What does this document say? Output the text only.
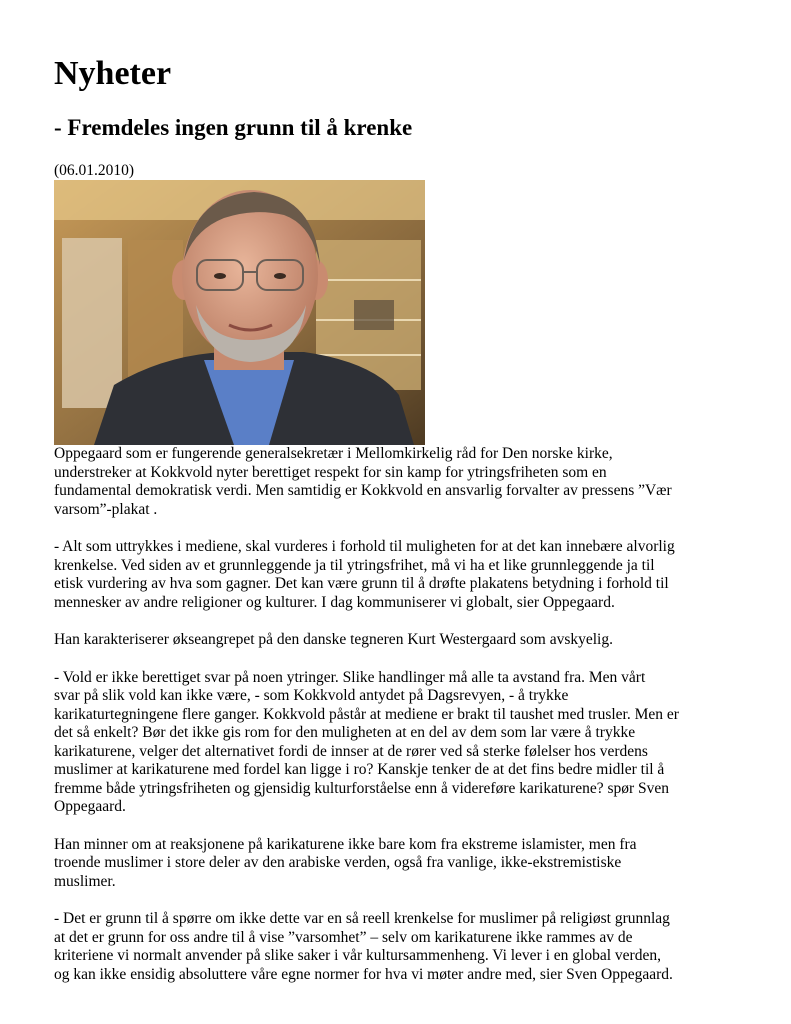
Nyheter
- Fremdeles ingen grunn til å krenke
(06.01.2010)

Oppegaard som er fungerende generalsekretær i Mellomkirkelig råd for Den norske kirke,
understreker at Kokkvold nyter berettiget respekt for sin kamp for ytringsfriheten som en
fundamental demokratisk verdi. Men samtidig er Kokkvold en ansvarlig forvalter av pressens ”Vær
varsom”-plakat .

- Alt som uttrykkes i mediene, skal vurderes i forhold til muligheten for at det kan innebære alvorlig
krenkelse. Ved siden av et grunnleggende ja til ytringsfrihet, må vi ha et like grunnleggende ja til
etisk vurdering av hva som gagner. Det kan være grunn til å drøfte plakatens betydning i forhold til
mennesker av andre religioner og kulturer. I dag kommuniserer vi globalt, sier Oppegaard.

Han karakteriserer økseangrepet på den danske tegneren Kurt Westergaard som avskyelig.

- Vold er ikke berettiget svar på noen ytringer. Slike handlinger må alle ta avstand fra. Men vårt
svar på slik vold kan ikke være, - som Kokkvold antydet på Dagsrevyen, - å trykke
karikaturtegningene flere ganger. Kokkvold påstår at mediene er brakt til taushet med trusler. Men er
det så enkelt? Bør det ikke gis rom for den muligheten at en del av dem som lar være å trykke
karikaturene, velger det alternativet fordi de innser at de rører ved så sterke følelser hos verdens
muslimer at karikaturene med fordel kan ligge i ro? Kanskje tenker de at det fins bedre midler til å
fremme både ytringsfriheten og gjensidig kulturforståelse enn å videreføre karikaturene? spør Sven
Oppegaard.

Han minner om at reaksjonene på karikaturene ikke bare kom fra ekstreme islamister, men fra
troende muslimer i store deler av den arabiske verden, også fra vanlige, ikke-ekstremistiske
muslimer.

- Det er grunn til å spørre om ikke dette var en så reell krenkelse for muslimer på religiøst grunnlag
at det er grunn for oss andre til å vise ”varsomhet” – selv om karikaturene ikke rammes av de
kriteriene vi normalt anvender på slike saker i vår kultursammenheng. Vi lever i en global verden,
og kan ikke ensidig absoluttere våre egne normer for hva vi møter andre med, sier Sven Oppegaard.
